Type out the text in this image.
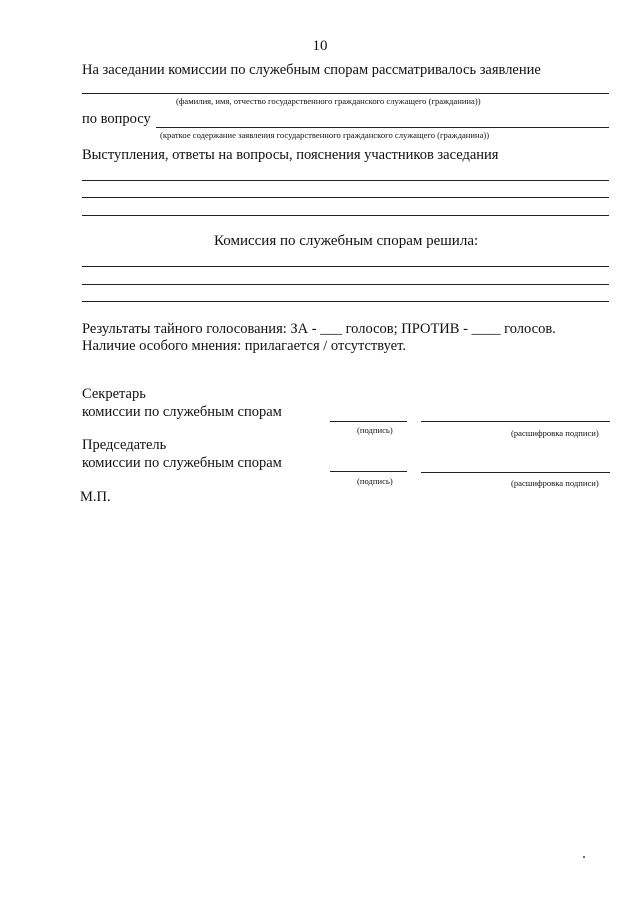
10
На заседании комиссии по служебным спорам рассматривалось заявление
(фамилия, имя, отчество государственного гражданского служащего (гражданина))
по вопросу
(краткое содержание заявления государственного гражданского служащего (гражданина))
Выступления, ответы на вопросы, пояснения участников заседания
Комиссия по служебным спорам решила:
Результаты тайного голосования: ЗА - ___ голосов; ПРОТИВ - ____ голосов.
Наличие особого мнения: прилагается / отсутствует.
Секретарь
комиссии по служебным спорам
(подпись)	(расшифровка подписи)
Председатель
комиссии по служебным спорам
(подпись)	(расшифровка подписи)
М.П.
